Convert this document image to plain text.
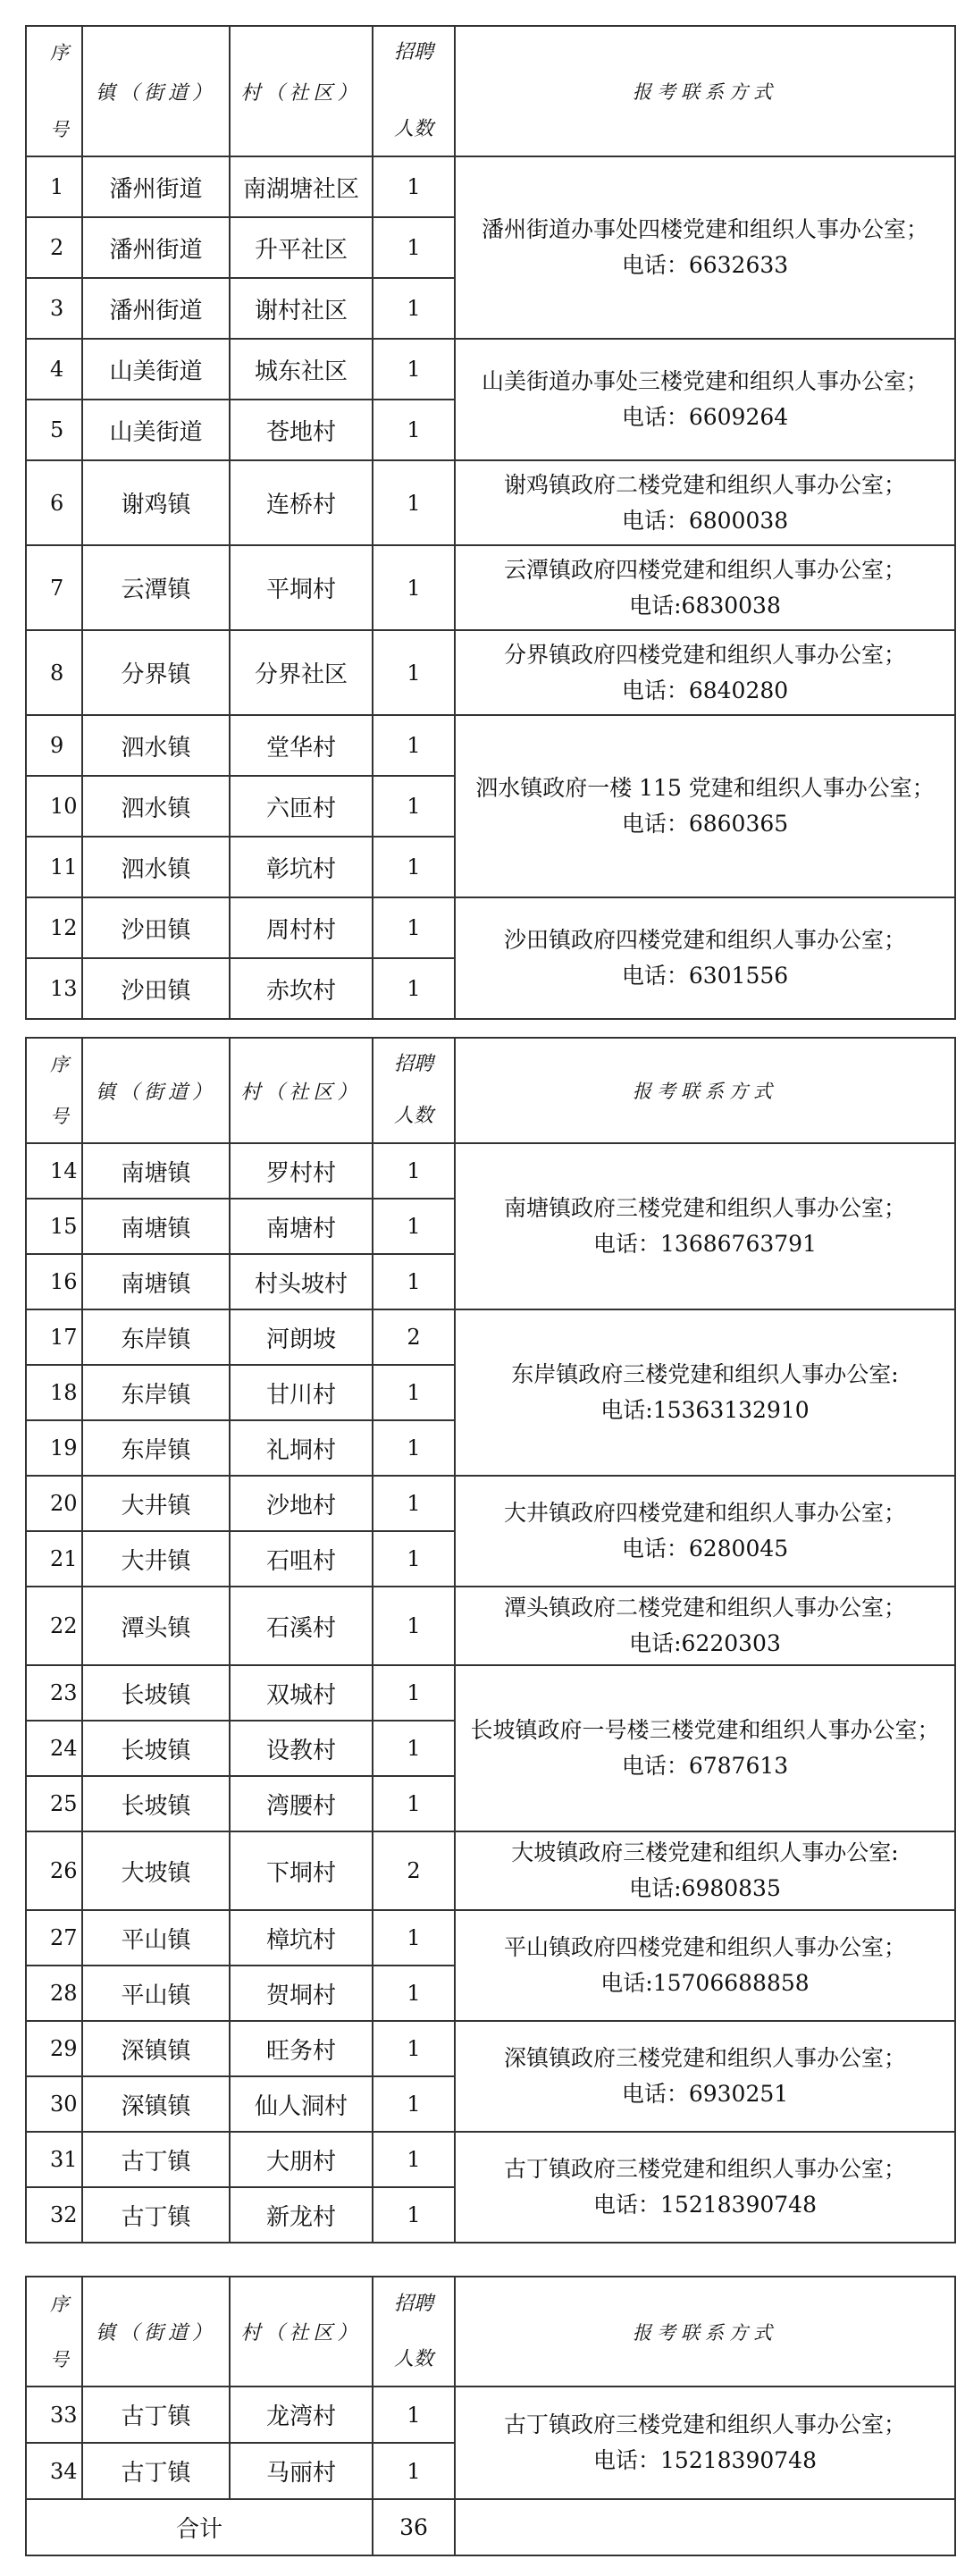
序
号	镇（街道）	村（社区）	招聘
人数	报考联系方式
1	潘州街道	南湖塘社区	1	潘州街道办事处四楼党建和组织人事办公室；
电话：6632633

2	潘州街道	升平社区	1	
3	潘州街道	谢村社区	1	
4	山美街道	城东社区	1	山美街道办事处三楼党建和组织人事办公室；
电话：6609264

5	山美街道	苍地村	1	
6	谢鸡镇	连桥村	1	谢鸡镇政府二楼党建和组织人事办公室；
电话：6800038

7	云潭镇	平垌村	1	云潭镇政府四楼党建和组织人事办公室；
电话:6830038

8	分界镇	分界社区	1	分界镇政府四楼党建和组织人事办公室；
电话：6840280

9	泗水镇	堂华村	1	泗水镇政府一楼 115 党建和组织人事办公室；
电话：6860365

10	泗水镇	六匝村	1	
11	泗水镇	彰坑村	1	
12	沙田镇	周村村	1	沙田镇政府四楼党建和组织人事办公室；
电话：6301556

13	沙田镇	赤坎村	1	
序
号	镇（街道）	村（社区）	招聘
人数	报考联系方式
14	南塘镇	罗村村	1	南塘镇政府三楼党建和组织人事办公室；
电话：13686763791

15	南塘镇	南塘村	1	
16	南塘镇	村头坡村	1	
17	东岸镇	河朗坡	2	东岸镇政府三楼党建和组织人事办公室:
电话:15363132910

18	东岸镇	甘川村	1	
19	东岸镇	礼垌村	1	
20	大井镇	沙地村	1	大井镇政府四楼党建和组织人事办公室；
电话：6280045

21	大井镇	石咀村	1	
22	潭头镇	石溪村	1	潭头镇政府二楼党建和组织人事办公室；
电话:6220303

23	长坡镇	双城村	1	长坡镇政府一号楼三楼党建和组织人事办公室；
电话：6787613

24	长坡镇	设教村	1	
25	长坡镇	湾腰村	1	
26	大坡镇	下垌村	2	大坡镇政府三楼党建和组织人事办公室:
电话:6980835

27	平山镇	樟坑村	1	平山镇政府四楼党建和组织人事办公室；
电话:15706688858

28	平山镇	贺垌村	1	
29	深镇镇	旺务村	1	深镇镇政府三楼党建和组织人事办公室；
电话：6930251

30	深镇镇	仙人洞村	1	
31	古丁镇	大朋村	1	古丁镇政府三楼党建和组织人事办公室；
电话：15218390748

32	古丁镇	新龙村	1	
序
号	镇（街道）	村（社区）	招聘
人数	报考联系方式
33	古丁镇	龙湾村	1	古丁镇政府三楼党建和组织人事办公室；
电话：15218390748

34	古丁镇	马丽村	1	
合计			36	
